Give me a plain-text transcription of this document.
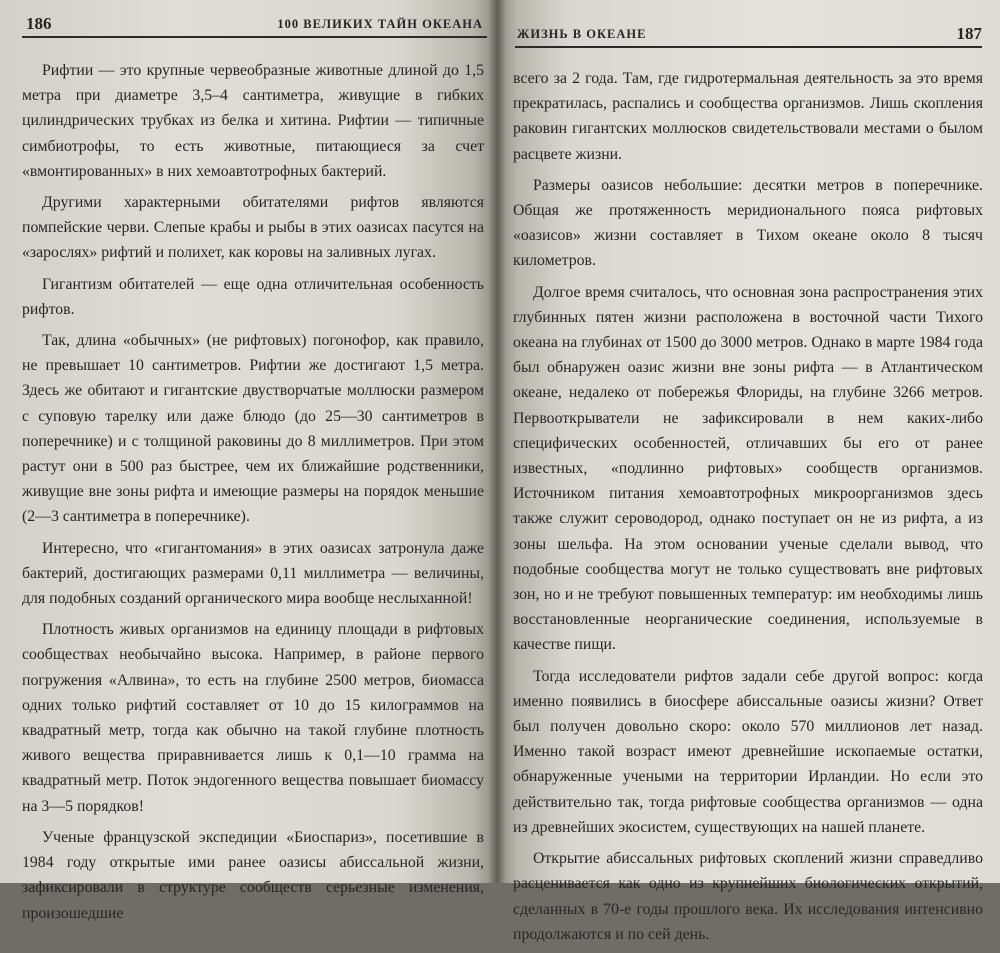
186	100 ВЕЛИКИХ ТАЙН ОКЕАНА

Рифтии — это крупные червеобразные животные длиной до 1,5 метра при диаметре 3,5–4 сантиметра, живущие в гибких цилиндрических трубках из белка и хитина. Рифтии — типичные симбиотрофы, то есть животные, питающиеся за счет «вмонтированных» в них хемоавтотрофных бактерий.

Другими характерными обитателями рифтов являются помпейские черви. Слепые крабы и рыбы в этих оазисах пасутся на «зарослях» рифтий и полихет, как коровы на заливных лугах.

Гигантизм обитателей — еще одна отличительная особенность рифтов.

Так, длина «обычных» (не рифтовых) погонофор, как правило, не превышает 10 сантиметров. Рифтии же достигают 1,5 метра. Здесь же обитают и гигантские двустворчатые моллюски размером с суповую тарелку или даже блюдо (до 25—30 сантиметров в поперечнике) и с толщиной раковины до 8 миллиметров. При этом растут они в 500 раз быстрее, чем их ближайшие родственники, живущие вне зоны рифта и имеющие размеры на порядок меньшие (2—3 сантиметра в поперечнике).

Интересно, что «гигантомания» в этих оазисах затронула даже бактерий, достигающих размерами 0,11 миллиметра — величины, для подобных созданий органического мира вообще неслыханной!

Плотность живых организмов на единицу площади в рифтовых сообществах необычайно высока. Например, в районе первого погружения «Алвина», то есть на глубине 2500 метров, биомасса одних только рифтий составляет от 10 до 15 килограммов на квадратный метр, тогда как обычно на такой глубине плотность живого вещества приравнивается лишь к 0,1—10 грамма на квадратный метр. Поток эндогенного вещества повышает биомассу на 3—5 порядков!

Ученые французской экспедиции «Биоспариз», посетившие в 1984 году открытые ими ранее оазисы абиссальной жизни, зафиксировали в структуре сообществ серьезные изменения, произошедшие

ЖИЗНЬ В ОКЕАНЕ	187

всего за 2 года. Там, где гидротермальная деятельность за это время прекратилась, распались и сообщества организмов. Лишь скопления раковин гигантских моллюсков свидетельствовали местами о былом расцвете жизни.

Размеры оазисов небольшие: десятки метров в поперечнике. Общая же протяженность меридионального пояса рифтовых «оазисов» жизни составляет в Тихом океане около 8 тысяч километров.

Долгое время считалось, что основная зона распространения этих глубинных пятен жизни расположена в восточной части Тихого океана на глубинах от 1500 до 3000 метров. Однако в марте 1984 года был обнаружен оазис жизни вне зоны рифта — в Атлантическом океане, недалеко от побережья Флориды, на глубине 3266 метров. Первооткрыватели не зафиксировали в нем каких-либо специфических особенностей, отличавших бы его от ранее известных, «подлинно рифтовых» сообществ организмов. Источником питания хемоавтотрофных микроорганизмов здесь также служит сероводород, однако поступает он не из рифта, а из зоны шельфа. На этом основании ученые сделали вывод, что подобные сообщества могут не только существовать вне рифтовых зон, но и не требуют повышенных температур: им необходимы лишь восстановленные неорганические соединения, используемые в качестве пищи.

Тогда исследователи рифтов задали себе другой вопрос: когда именно появились в биосфере абиссальные оазисы жизни? Ответ был получен довольно скоро: около 570 миллионов лет назад. Именно такой возраст имеют древнейшие ископаемые остатки, обнаруженные учеными на территории Ирландии. Но если это действительно так, тогда рифтовые сообщества организмов — одна из древнейших экосистем, существующих на нашей планете.

Открытие абиссальных рифтовых скоплений жизни справедливо расценивается как одно из крупнейших биологических открытий, сделанных в 70-е годы прошлого века. Их исследования интенсивно продолжаются и по сей день.
